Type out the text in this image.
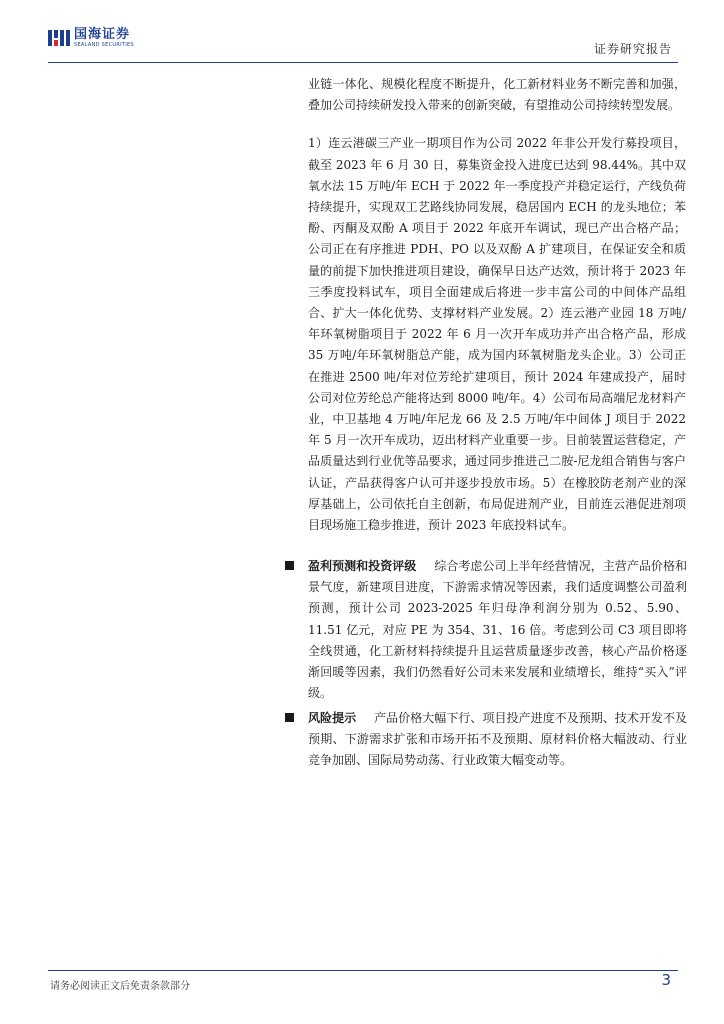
国海证券
SEALAND SECURITIES	证券研究报告

业链一体化、规模化程度不断提升，化工新材料业务不断完善和加强，叠加公司持续研发投入带来的创新突破，有望推动公司持续转型发展。

1）连云港碳三产业一期项目作为公司 2022 年非公开发行募投项目，截至 2023 年 6 月 30 日，募集资金投入进度已达到 98.44%。其中双氧水法 15 万吨/年 ECH 于 2022 年一季度投产并稳定运行，产线负荷持续提升，实现双工艺路线协同发展，稳居国内 ECH 的龙头地位；苯酚、丙酮及双酚 A 项目于 2022 年底开车调试，现已产出合格产品；公司正在有序推进 PDH、PO 以及双酚 A 扩建项目，在保证安全和质量的前提下加快推进项目建设，确保早日达产达效，预计将于 2023 年三季度投料试车，项目全面建成后将进一步丰富公司的中间体产品组合、扩大一体化优势、支撑材料产业发展。2）连云港产业园 18 万吨/年环氧树脂项目于 2022 年 6 月一次开车成功并产出合格产品，形成 35 万吨/年环氧树脂总产能，成为国内环氧树脂龙头企业。3）公司正在推进 2500 吨/年对位芳纶扩建项目，预计 2024 年建成投产，届时公司对位芳纶总产能将达到 8000 吨/年。4）公司布局高端尼龙材料产业，中卫基地 4 万吨/年尼龙 66 及 2.5 万吨/年中间体 J 项目于 2022 年 5 月一次开车成功，迈出材料产业重要一步。目前装置运营稳定，产品质量达到行业优等品要求，通过同步推进己二胺-尼龙组合销售与客户认证，产品获得客户认可并逐步投放市场。5）在橡胶防老剂产业的深厚基础上，公司依托自主创新，布局促进剂产业，目前连云港促进剂项目现场施工稳步推进，预计 2023 年底投料试车。

盈利预测和投资评级 综合考虑公司上半年经营情况，主营产品价格和景气度，新建项目进度，下游需求情况等因素，我们适度调整公司盈利预测，预计公司 2023-2025 年归母净利润分别为 0.52、5.90、11.51 亿元，对应 PE 为 354、31、16 倍。考虑到公司 C3 项目即将全线贯通，化工新材料持续提升且运营质量逐步改善，核心产品价格逐渐回暖等因素，我们仍然看好公司未来发展和业绩增长，维持“买入”评级。
风险提示 产品价格大幅下行、项目投产进度不及预期、技术开发不及预期、下游需求扩张和市场开拓不及预期、原材料价格大幅波动、行业竞争加剧、国际局势动荡、行业政策大幅变动等。
请务必阅读正文后免责条款部分	3
